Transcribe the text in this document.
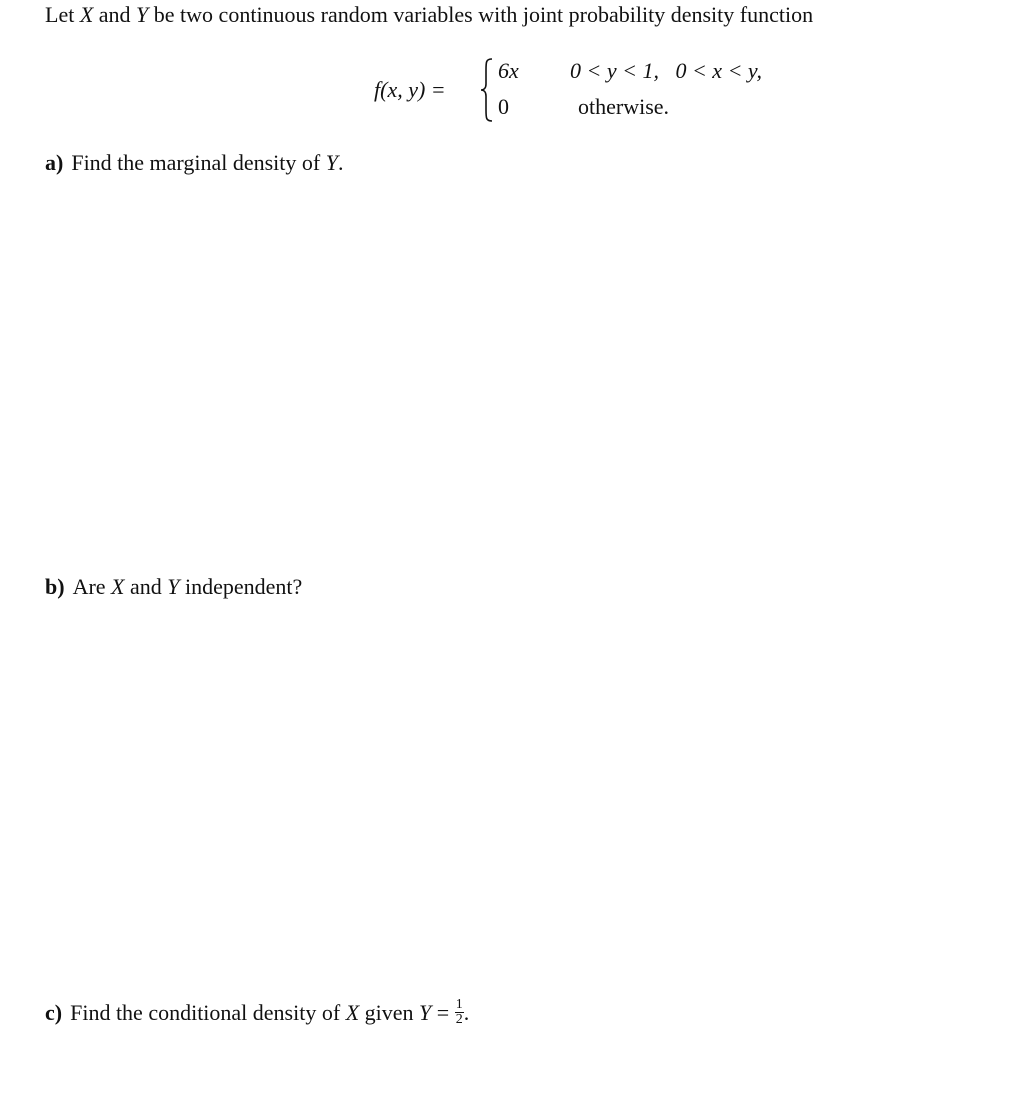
Let X and Y be two continuous random variables with joint probability density function
f(x, y) =
6x 0 < y < 1,   0 < x < y,
0	otherwise.
a) Find the marginal density of Y.
b) Are X and Y independent?
c) Find the conditional density of X given $Y = \frac{1}{2}$ .
